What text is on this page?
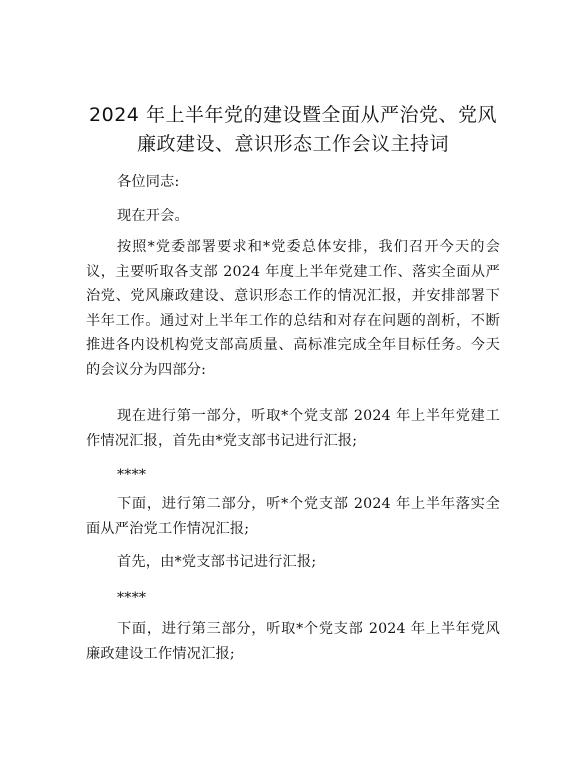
2024 年上半年党的建设暨全面从严治党、党风
廉政建设、意识形态工作会议主持词

各位同志:

现在开会。

按照*党委部署要求和*党委总体安排，我们召开今天的会议，主要听取各支部 2024 年度上半年党建工作、落实全面从严治党、党风廉政建设、意识形态工作的情况汇报，并安排部署下半年工作。通过对上半年工作的总结和对存在问题的剖析，不断推进各内设机构党支部高质量、高标准完成全年目标任务。今天的会议分为四部分:

现在进行第一部分，听取*个党支部 2024 年上半年党建工作情况汇报，首先由*党支部书记进行汇报;

****

下面，进行第二部分，听*个党支部 2024 年上半年落实全面从严治党工作情况汇报;

首先，由*党支部书记进行汇报;

****

下面，进行第三部分，听取*个党支部 2024 年上半年党风廉政建设工作情况汇报;
